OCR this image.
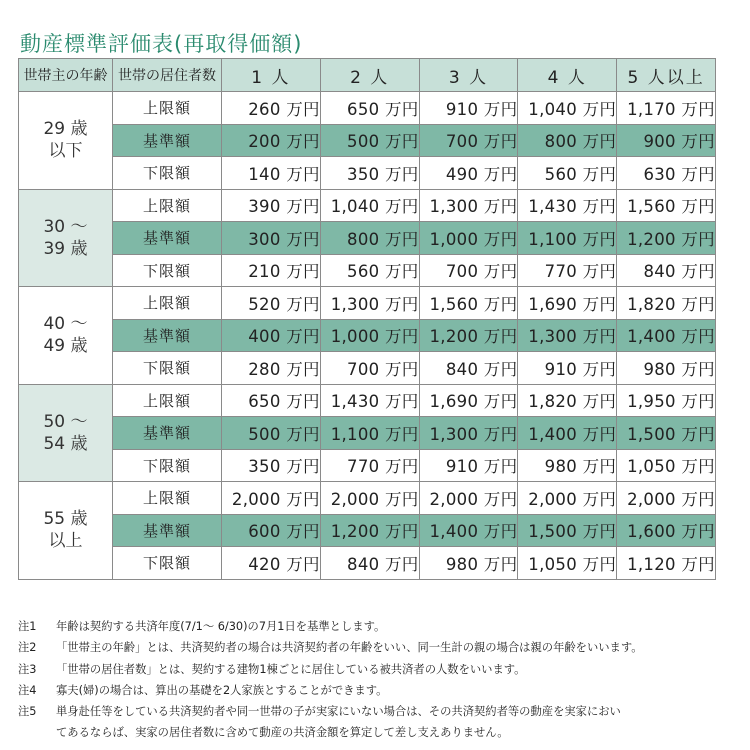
動産標準評価表(再取得価額)
世帯主の年齢	世帯の居住者数	1 人	2 人	3 人	4 人	5 人以上

29 歳
以下	上限額	260 万円	650 万円	910 万円	1,040 万円	1,170 万円
	基準額	200 万円	500 万円	700 万円	800 万円	900 万円
	下限額	140 万円	350 万円	490 万円	560 万円	630 万円

30 〜
39 歳	上限額	390 万円	1,040 万円	1,300 万円	1,430 万円	1,560 万円
	基準額	300 万円	800 万円	1,000 万円	1,100 万円	1,200 万円
	下限額	210 万円	560 万円	700 万円	770 万円	840 万円

40 〜
49 歳	上限額	520 万円	1,300 万円	1,560 万円	1,690 万円	1,820 万円
	基準額	400 万円	1,000 万円	1,200 万円	1,300 万円	1,400 万円
	下限額	280 万円	700 万円	840 万円	910 万円	980 万円

50 〜
54 歳	上限額	650 万円	1,430 万円	1,690 万円	1,820 万円	1,950 万円
	基準額	500 万円	1,100 万円	1,300 万円	1,400 万円	1,500 万円
	下限額	350 万円	770 万円	910 万円	980 万円	1,050 万円

55 歳
以上	上限額	2,000 万円	2,000 万円	2,000 万円	2,000 万円	2,000 万円
	基準額	600 万円	1,200 万円	1,400 万円	1,500 万円	1,600 万円
	下限額	420 万円	840 万円	980 万円	1,050 万円	1,120 万円
注1	年齢は契約する共済年度(7/1〜 6/30)の7月1日を基準とします。
注2	「世帯主の年齢」とは、共済契約者の場合は共済契約者の年齢をいい、同一生計の親の場合は親の年齢をいいます。
注3	「世帯の居住者数」とは、契約する建物1棟ごとに居住している被共済者の人数をいいます。
注4	寡夫(婦)の場合は、算出の基礎を2人家族とすることができます。
注5	単身赴任等をしている共済契約者や同一世帯の子が実家にいない場合は、その共済契約者等の動産を実家におい
てあるならば、実家の居住者数に含めて動産の共済金額を算定して差し支えありません。
